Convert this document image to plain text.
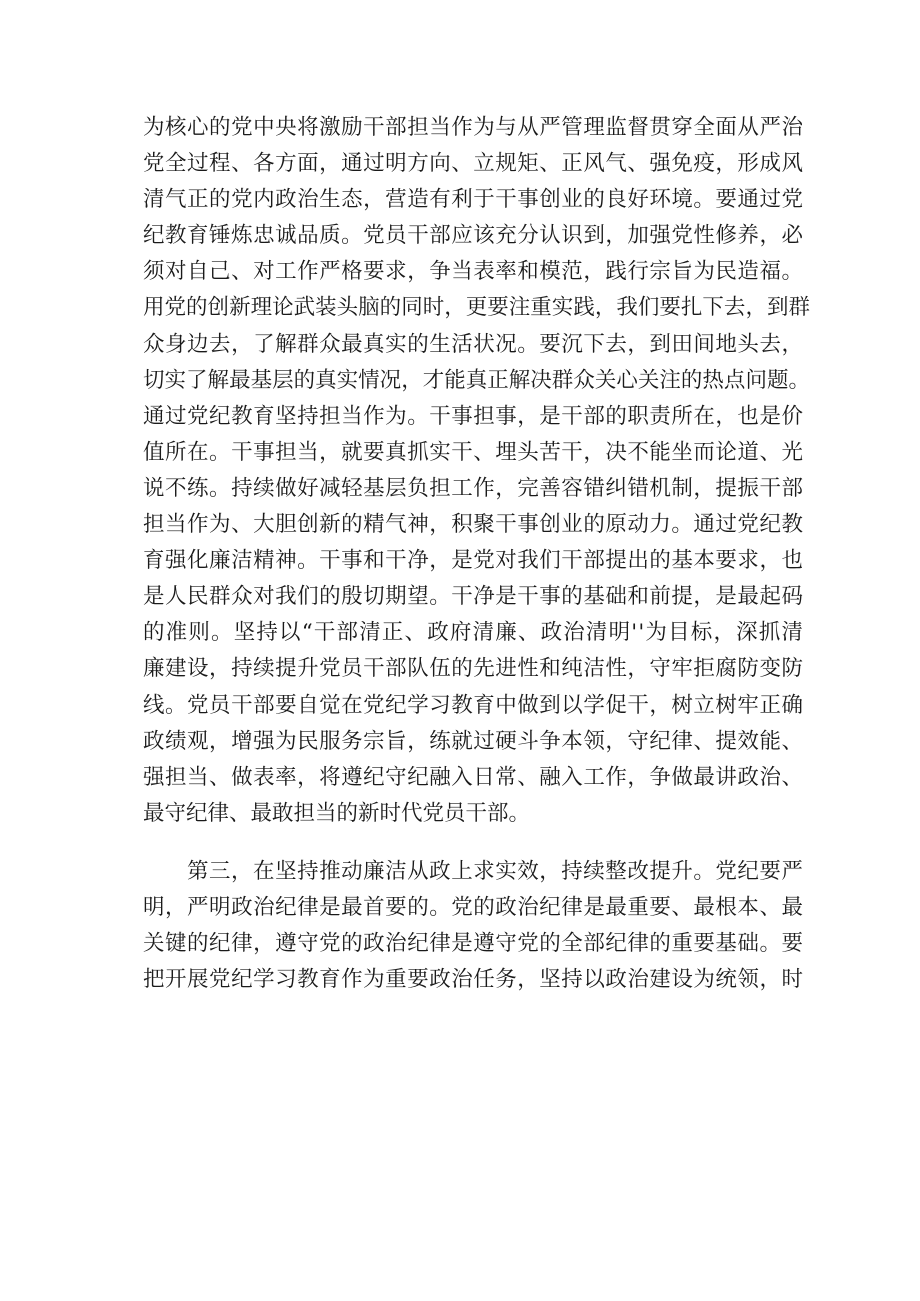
为 核 心 的 党 中 央 将 激 励 干 部 担 当 作 为 与 从 严 管 理 监 督 贯 穿 全 面 从 严 治
党 全 过 程 、 各 方 面 ， 通 过 明 方 向 、 立 规 矩 、 正 风 气 、 强 免 疫 ， 形 成 风
清 气 正 的 党 内 政 治 生 态 ， 营 造 有 利 于 干 事 创 业 的 良 好 环 境 。 要 通 过 党
纪 教 育 锤 炼 忠 诚 品 质 。 党 员 干 部 应 该 充 分 认 识 到 ， 加 强 党 性 修 养 ， 必
须 对 自 己 、 对 工 作 严 格 要 求 ， 争 当 表 率 和 模 范 ， 践 行 宗 旨 为 民 造 福 。
用 党 的 创 新 理 论 武 装 头 脑 的 同 时 ， 更 要 注 重 实 践 ， 我 们 要 扎 下 去 ， 到 群
众 身 边 去 ， 了 解 群 众 最 真 实 的 生 活 状 况 。 要 沉 下 去 ， 到 田 间 地 头 去 ，
切 实 了 解 最 基 层 的 真 实 情 况 ， 才 能 真 正 解 决 群 众 关 心 关 注 的 热 点 问 题 。
通 过 党 纪 教 育 坚 持 担 当 作 为 。 干 事 担 事 ， 是 干 部 的 职 责 所 在 ， 也 是 价
值 所 在 。 干 事 担 当 ， 就 要 真 抓 实 干 、 埋 头 苦 干 ， 决 不 能 坐 而 论 道 、 光
说 不 练 。 持 续 做 好 减 轻 基 层 负 担 工 作 ， 完 善 容 错 纠 错 机 制 ， 提 振 干 部
担 当 作 为 、 大 胆 创 新 的 精 气 神 ， 积 聚 干 事 创 业 的 原 动 力 。 通 过 党 纪 教
育 强 化 廉 洁 精 神 。 干 事 和 干 净 ， 是 党 对 我 们 干 部 提 出 的 基 本 要 求 ， 也
是 人 民 群 众 对 我 们 的 殷 切 期 望 。 干 净 是 干 事 的 基 础 和 前 提 ， 是 最 起 码
的 准 则 。 坚 持 以 “ 干 部 清 正 、 政 府 清 廉 、 政 治 清 明 ' ' 为 目 标 ， 深 抓 清
廉 建 设 ， 持 续 提 升 党 员 干 部 队 伍 的 先 进 性 和 纯 洁 性 ， 守 牢 拒 腐 防 变 防
线 。 党 员 干 部 要 自 觉 在 党 纪 学 习 教 育 中 做 到 以 学 促 干 ， 树 立 树 牢 正 确
政 绩 观 ， 增 强 为 民 服 务 宗 旨 ， 练 就 过 硬 斗 争 本 领 ， 守 纪 律 、 提 效 能 、
强 担 当 、 做 表 率 ， 将 遵 纪 守 纪 融 入 日 常 、 融 入 工 作 ， 争 做 最 讲 政 治 、
最守纪律、最敢担当的新时代党员干部。
第 三 ， 在 坚 持 推 动 廉 洁 从 政 上 求 实 效 ， 持 续 整 改 提 升 。 党 纪 要 严
明 ， 严 明 政 治 纪 律 是 最 首 要 的 。 党 的 政 治 纪 律 是 最 重 要 、 最 根 本 、 最
关 键 的 纪 律 ， 遵 守 党 的 政 治 纪 律 是 遵 守 党 的 全 部 纪 律 的 重 要 基 础 。 要
把 开 展 党 纪 学 习 教 育 作 为 重 要 政 治 任 务 ， 坚 持 以 政 治 建 设 为 统 领 ， 时
